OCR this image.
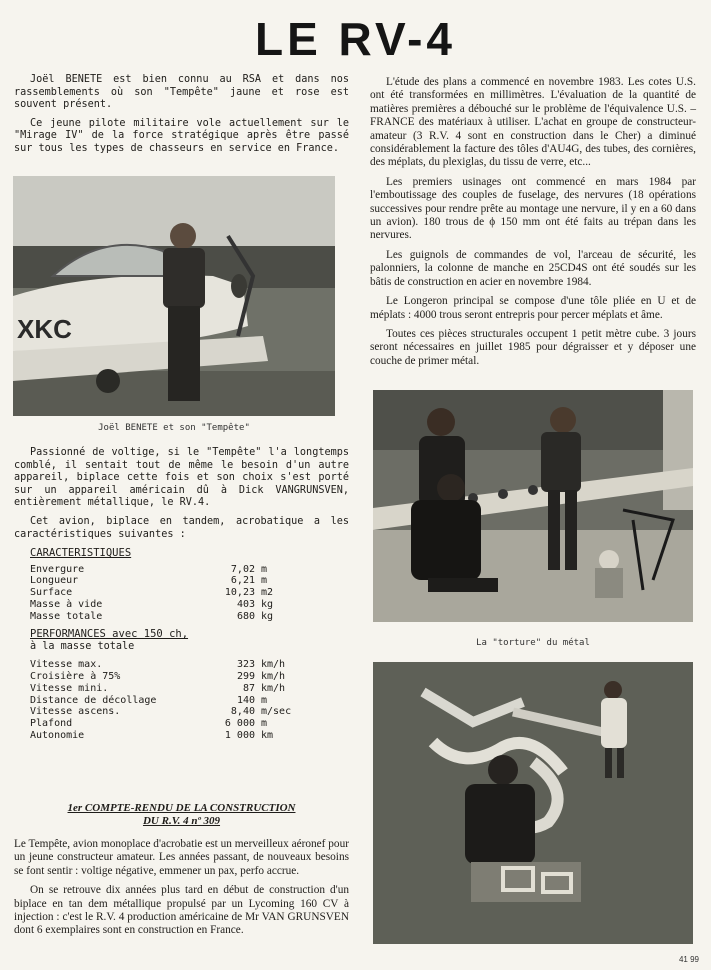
LE RV-4

Joël BENETE est bien connu au RSA et dans nos rassemblements où son "Tempête" jaune et rose est souvent présent.

Ce jeune pilote militaire vole actuellement sur le "Mirage IV" de la force stratégique après être passé sur tous les types de chasseurs en service en France.

XKC
Joël BENETE et son "Tempête"

Passionné de voltige, si le "Tempête" l'a longtemps comblé, il sentait tout de même le besoin d'un autre appareil, biplace cette fois et son choix s'est porté sur un appareil américain dû à Dick VANGRUNSVEN, entièrement métallique, le RV.4.

Cet avion, biplace en tandem, acrobatique a les caractéristiques suivantes :

CARACTERISTIQUES
Envergure	7,02	m
Longueur	6,21	m
Surface	10,23	m2
Masse à vide	403	kg
Masse totale	680	kg
PERFORMANCES avec 150 ch,
à la masse totale
Vitesse max.	323	km/h
Croisière à 75%	299	km/h
Vitesse mini.	87	km/h
Distance de décollage	140	m
Vitesse ascens.	8,40	m/sec
Plafond	6 000	m
Autonomie	1 000	km
1er COMPTE-RENDU DE LA CONSTRUCTION
DU R.V. 4 nº 309

Le Tempête, avion monoplace d'acrobatie est un merveilleux aéronef pour un jeune constructeur amateur. Les années passant, de nouveaux besoins se font sentir : voltige négative, emmener un pax, perfo accrue.

On se retrouve dix années plus tard en début de construction d'un biplace en tan dem métallique propulsé par un Lycoming 160 CV à injection : c'est le R.V. 4 production américaine de Mr VAN GRUNSVEN dont 6 exemplaires sont en construction en France.

L'étude des plans a commencé en novembre 1983. Les cotes U.S. ont été transformées en millimètres. L'évaluation de la quantité de matières premières a débouché sur le problème de l'équivalence U.S. – FRANCE des matériaux à utiliser. L'achat en groupe de constructeur-amateur (3 R.V. 4 sont en construction dans le Cher) a diminué considérablement la facture des tôles d'AU4G, des tubes, des cornières, des méplats, du plexiglas, du tissu de verre, etc...

Les premiers usinages ont commencé en mars 1984 par l'emboutissage des couples de fuselage, des nervures (18 opérations successives pour rendre prête au montage une nervure, il y en a 60 dans un avion). 180 trous de ϕ 150 mm ont été faits au trépan dans les nervures.

Les guignols de commandes de vol, l'arceau de sécurité, les palonniers, la colonne de manche en 25CD4S ont été soudés sur les bâtis de construction en acier en novembre 1984.

Le Longeron principal se compose d'une tôle pliée en U et de méplats : 4000 trous seront entrepris pour percer méplats et âme.

Toutes ces pièces structurales occupent 1 petit mètre cube. 3 jours seront nécessaires en juillet 1985 pour dégraisser et y déposer une couche de primer métal.

La "torture" du métal
41 99
